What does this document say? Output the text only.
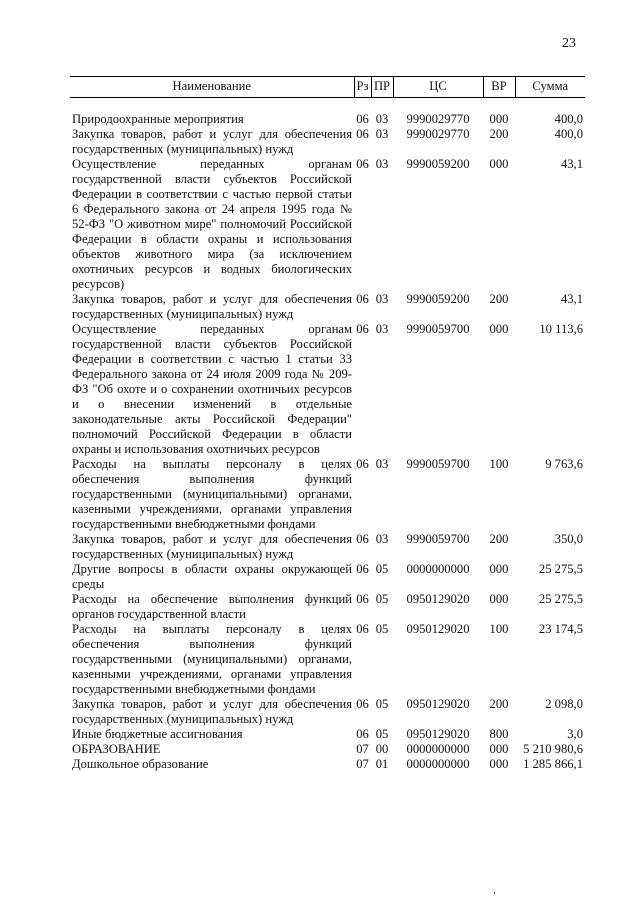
23
Наименование	Рз	ПР	ЦС	ВР	Сумма

Природоохранные мероприятия	06	03	9990029770	000	400,0
Закупка товаров, работ и услуг для обеспечения государственных (муниципальных) нужд	06	03	9990029770	200	400,0
Осуществление переданных органам государственной власти субъектов Российской Федерации в соответствии с частью первой статьи 6 Федерального закона от 24 апреля 1995 года № 52-ФЗ "О животном мире" полномочий Российской Федерации в области охраны и использования объектов животного мира (за исключением охотничьих ресурсов и водных биологических ресурсов)	06	03	9990059200	000	43,1
Закупка товаров, работ и услуг для обеспечения государственных (муниципальных) нужд	06	03	9990059200	200	43,1
Осуществление переданных органам государственной власти субъектов Российской Федерации в соответствии с частью 1 статьи 33 Федерального закона от 24 июля 2009 года № 209-ФЗ "Об охоте и о сохранении охотничьих ресурсов и о внесении изменений в отдельные законодательные акты Российской Федерации" полномочий Российской Федерации в области охраны и использования охотничьих ресурсов	06	03	9990059700	000	10 113,6
Расходы на выплаты персоналу в целях обеспечения выполнения функций государственными (муниципальными) органами, казенными учреждениями, органами управления государственными внебюджетными фондами	06	03	9990059700	100	9 763,6
Закупка товаров, работ и услуг для обеспечения государственных (муниципальных) нужд	06	03	9990059700	200	350,0
Другие вопросы в области охраны окружающей среды	06	05	0000000000	000	25 275,5
Расходы на обеспечение выполнения функций органов государственной власти	06	05	0950129020	000	25 275,5
Расходы на выплаты персоналу в целях обеспечения выполнения функций государственными (муниципальными) органами, казенными учреждениями, органами управления государственными внебюджетными фондами	06	05	0950129020	100	23 174,5
Закупка товаров, работ и услуг для обеспечения государственных (муниципальных) нужд	06	05	0950129020	200	2 098,0
Иные бюджетные ассигнования	06	05	0950129020	800	3,0
ОБРАЗОВАНИЕ	07	00	0000000000	000	5 210 980,6
Дошкольное образование	07	01	0000000000	000	1 285 866,1
